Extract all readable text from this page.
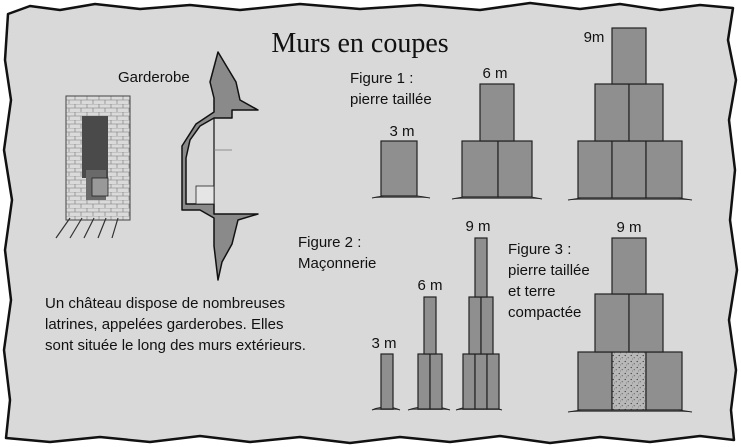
Murs en coupes
Garderobe
Un château dispose de nombreuses
latrines, appelées garderobes. Elles
sont située le long des murs extérieurs.
Figure 1 :
pierre taillée
3 m
6 m
9m
Figure 2 :
Maçonnerie
3 m
6 m
9 m
Figure 3 :
pierre taillée
et terre
compactée
9 m
